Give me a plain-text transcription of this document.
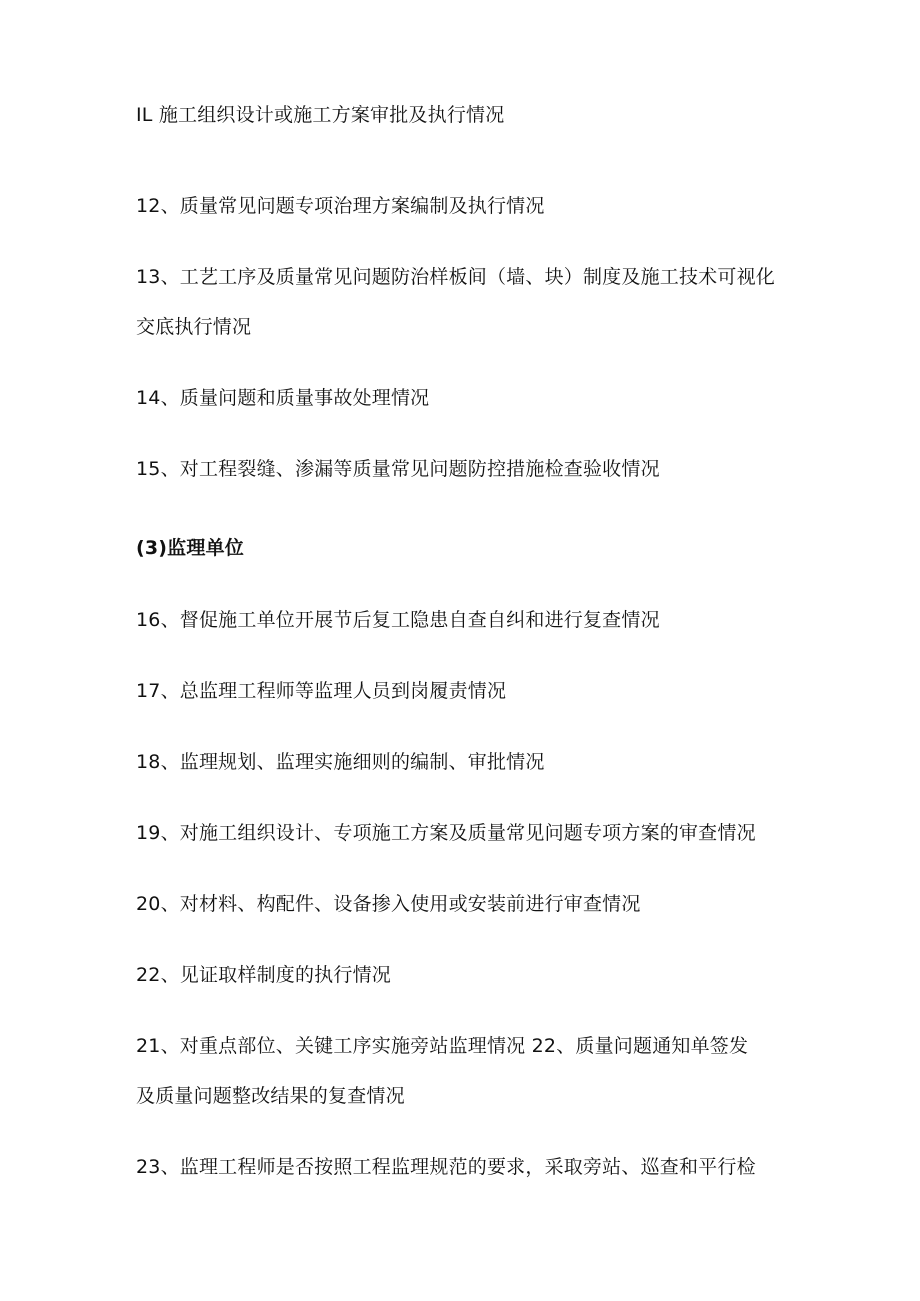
IL 施工组织设计或施工方案审批及执行情况
12、质量常见问题专项治理方案编制及执行情况
13、工艺工序及质量常见问题防治样板间（墙、块）制度及施工技术可视化
交底执行情况
14、质量问题和质量事故处理情况
15、对工程裂缝、渗漏等质量常见问题防控措施检查验收情况
(3)监理单位
16、督促施工单位开展节后复工隐患自查自纠和进行复查情况
17、总监理工程师等监理人员到岗履责情况
18、监理规划、监理实施细则的编制、审批情况
19、对施工组织设计、专项施工方案及质量常见问题专项方案的审查情况
20、对材料、构配件、设备掺入使用或安装前进行审查情况
22、见证取样制度的执行情况
21、对重点部位、关键工序实施旁站监理情况 22、质量问题通知单签发
及质量问题整改结果的复查情况
23、监理工程师是否按照工程监理规范的要求，采取旁站、巡查和平行检
